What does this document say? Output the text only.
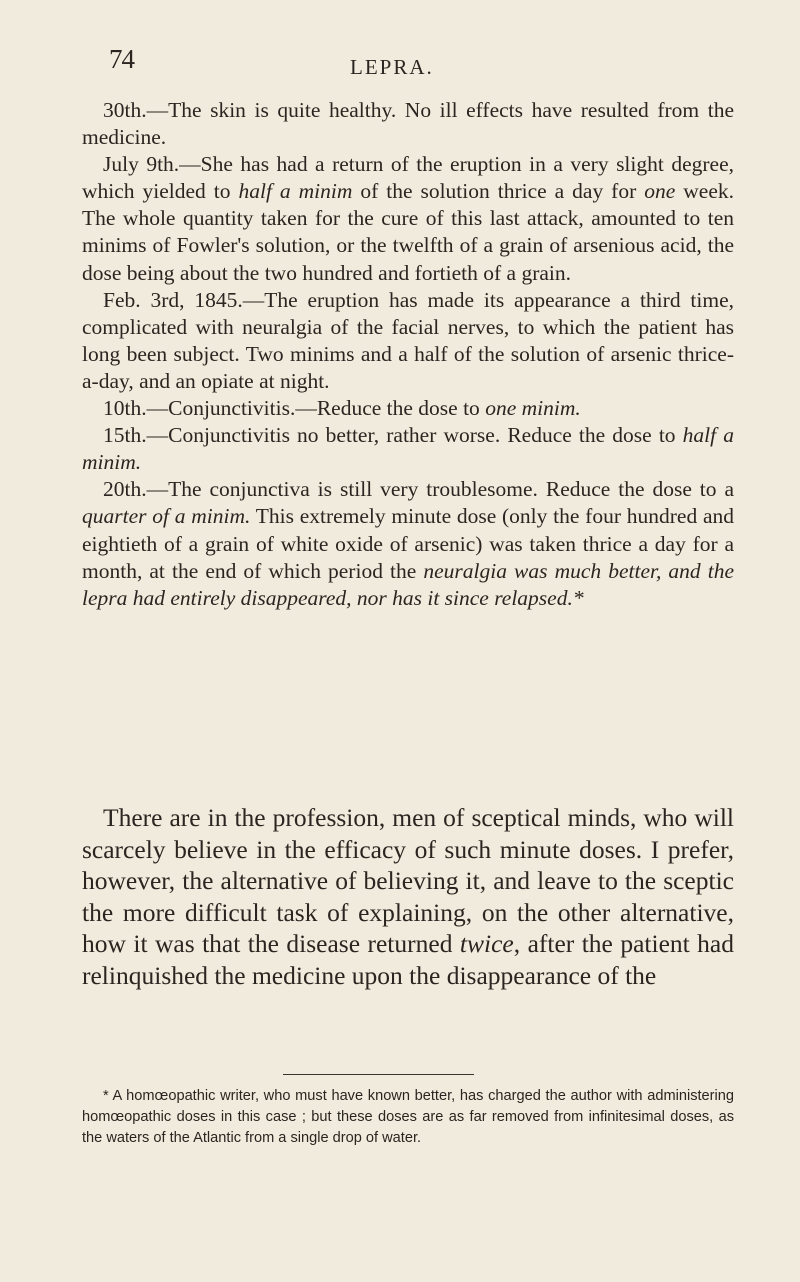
74	LEPRA.

30th.—The skin is quite healthy. No ill effects have resulted from the medicine.

July 9th.—She has had a return of the eruption in a very slight degree, which yielded to half a minim of the solution thrice a day for one week. The whole quantity taken for the cure of this last attack, amounted to ten minims of Fowler's solution, or the twelfth of a grain of arsenious acid, the dose being about the two hundred and fortieth of a grain.

Feb. 3rd, 1845.—The eruption has made its appearance a third time, complicated with neuralgia of the facial nerves, to which the patient has long been subject. Two minims and a half of the solution of arsenic thrice-a-day, and an opiate at night.

10th.—Conjunctivitis.—Reduce the dose to one minim.

15th.—Conjunctivitis no better, rather worse. Reduce the dose to half a minim.

20th.—The conjunctiva is still very troublesome. Reduce the dose to a quarter of a minim. This extremely minute dose (only the four hundred and eightieth of a grain of white oxide of arsenic) was taken thrice a day for a month, at the end of which period the neuralgia was much better, and the lepra had entirely disappeared, nor has it since relapsed.*

There are in the profession, men of sceptical minds, who will scarcely believe in the efficacy of such minute doses. I prefer, however, the alternative of believing it, and leave to the sceptic the more difficult task of explaining, on the other alternative, how it was that the disease returned twice, after the patient had relinquished the medicine upon the disappearance of the

* A homœopathic writer, who must have known better, has charged the author with administering homœopathic doses in this case ; but these doses are as far removed from infinitesimal doses, as the waters of the Atlantic from a single drop of water.
